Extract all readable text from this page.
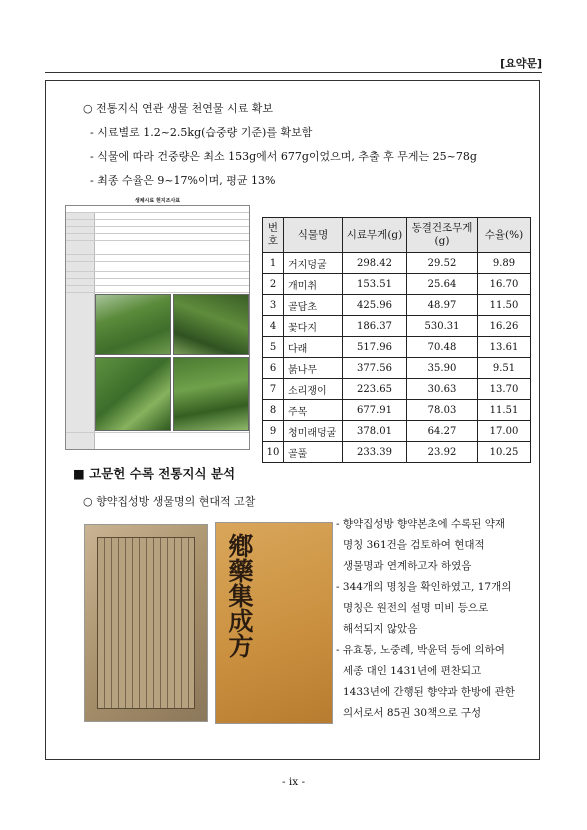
[요약문]
○ 전통지식 연관 생물 천연물 시료 확보
- 시료별로 1.2~2.5kg(습중량 기준)를 확보함
- 식물에 따라 건중량은 최소 153g에서 677g이었으며, 추출 후 무게는 25~78g
- 최종 수율은 9~17%이며, 평균 13%
생체시료 현지조사표
번호	식물명	시료무게(g)	동결건조무게(g)	수율(%)
1	거지덩굴	298.42	29.52	9.89
2	개미취	153.51	25.64	16.70
3	골담초	425.96	48.97	11.50
4	꽃다지	186.37	530.31	16.26
5	다래	517.96	70.48	13.61
6	붉나무	377.56	35.90	9.51
7	소리쟁이	223.65	30.63	13.70
8	주목	677.91	78.03	11.51
9	청미래덩굴	378.01	64.27	17.00
10	골풀	233.39	23.92	10.25
■ 고문헌 수록 전통지식 분석
○ 향약집성방 생물명의 현대적 고찰
鄕藥集成方
- 향약집성방 향약본초에 수록된 약재
명칭 361건을 검토하여 현대적
생물명과 연계하고자 하였음
- 344개의 명칭을 확인하였고, 17개의
명칭은 원전의 설명 미비 등으로
해석되지 않았음
- 유효통, 노중례, 박윤덕 등에 의하여
세종 대인 1431년에 편찬되고
1433년에 간행된 향약과 한방에 관한
의서로서 85권 30책으로 구성
- ix -
